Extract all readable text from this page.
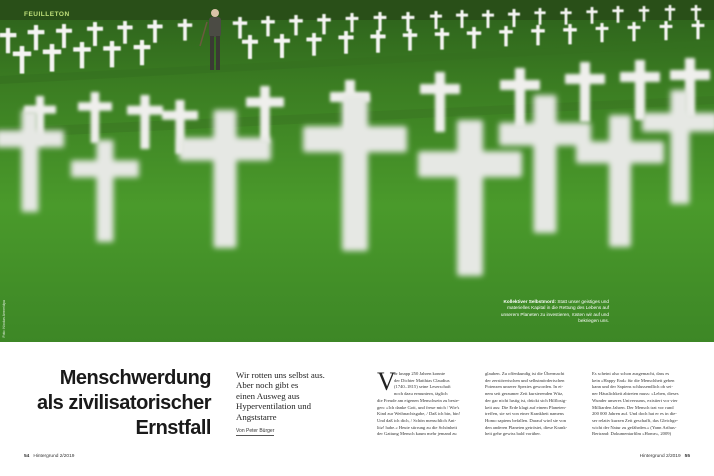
FEUILLETON
Foto: Nicolas Armer/dpa	Kollektiver Selbstmord: Statt unser geistiges und materielles Kapital in die Rettung des Lebens auf unserem Planeten zu investieren, rüsten wir auf und bekriegen uns.
Menschwerdung
als zivilisatorischer
Ernstfall
Wir rotten uns selbst aus.
Aber noch gibt es
einen Ausweg aus
Hyperventilation und
Angststarre
Von Peter Bürger
V
or knapp 250 Jahren konnte
der Dichter Matthias Claudius
(1740–1815) seine Leserschaft
noch dazu ermuntern, täglich
die Freude am eigenen Menschsein zu beste-
gen: »Ich danke Gott, und freue mich / Wie's
Kind zur Weihnachtsgabe, / Daß ich bin, bin!
Und daß ich dich, / Schön menschlich Ant-
litz! habe.« Heute stirrung zu die Schönheit
der Gattung Mensch kaum mehr jemand zu
glauben. Zu offenkundig ist die Übermacht
der zerstörerischen und selbstmörderischen
Potenzen unserer Spezies geworden. In ei-
nem seit geraumer Zeit kursierenden Witz,
der gar nicht lustig ist, drückt sich Hilflosig-
keit aus: Die Erde klagt auf einem Planeten-
treffen, sie sei von einer Krankheit namens
Homo sapiens befallen. Darauf wird sie von
den anderen Planeten getröstet, diese Krank-
heit gehe gewiss bald vorüber.
Es scheint also schon ausgemacht, dass es
kein »Happy End« für die Menschheit geben
kann und der Sapiens schlussendlich ob sei-
ner Häuslichkeit abtreten muss: »Leben, dieses
Wunder unseres Universums, existiert vor vier
Milliarden Jahren. Der Mensch trat vor rund
200 000 Jahren auf. Und doch hat er es in die-
ser relativ kurzen Zeit geschafft, das Gleichge-
wicht der Natur zu gefährden.« (Yann Arthus-
Bertrand: Dokumentarfilm »Home«, 2009)
54 Hintergrund 2/2019	Hintergrund 2/2019 55
